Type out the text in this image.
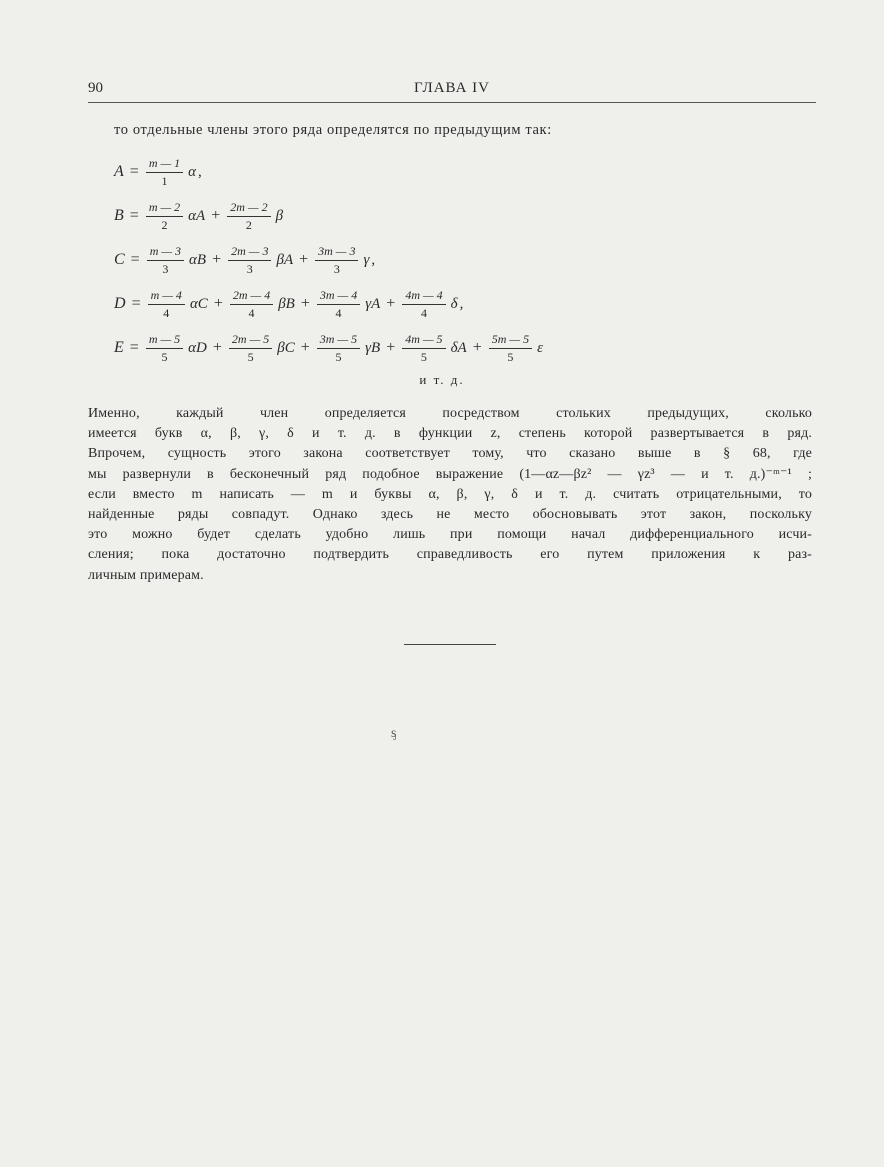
90	ГЛАВА IV
то отдельные члены этого ряда определятся по предыдущим так:
$A = \frac{m — 1}{1}$ α ,
$B = \frac{m — 2}{2}$ $\alpha A + \frac{2m — 2}{2}$ β
$C = \frac{m — 3}{3}$ $\alpha B + \frac{2m — 3}{3}$ $\beta A + \frac{3m — 3}{3}$ γ ,
$D = \frac{m — 4}{4}$ $\alpha C + \frac{2m — 4}{4}$ $\beta B + \frac{3m — 4}{4}$ $\gamma A + \frac{4m — 4}{4}$ δ ,
$E = \frac{m — 5}{5}$ $\alpha D + \frac{2m — 5}{5}$ $\beta C + \frac{3m — 5}{5}$ $\gamma B + \frac{4m — 5}{5}$ $\delta A + \frac{5m — 5}{5}$ ε
и т. д.
Именно, каждый член определяется посредством стольких предыдущих, сколько
имеется букв α, β, γ, δ и т. д. в функции z, степень которой развертывается в ряд.
Впрочем, сущность этого закона соответствует тому, что сказано выше в § 68, где
мы развернули в бесконечный ряд подобное выражение (1—αz—βz² — γz³ — и т. д.)⁻ᵐ⁻¹ ;
если вместо m написать — m и буквы α, β, γ, δ и т. д. считать отрицательными, то
найденные ряды совпадут. Однако здесь не место обосновывать этот закон, поскольку
это можно будет сделать удобно лишь при помощи начал дифференциального исчи-
сления; пока достаточно подтвердить справедливость его путем приложения к раз-
личным примерам.
ᶊ
